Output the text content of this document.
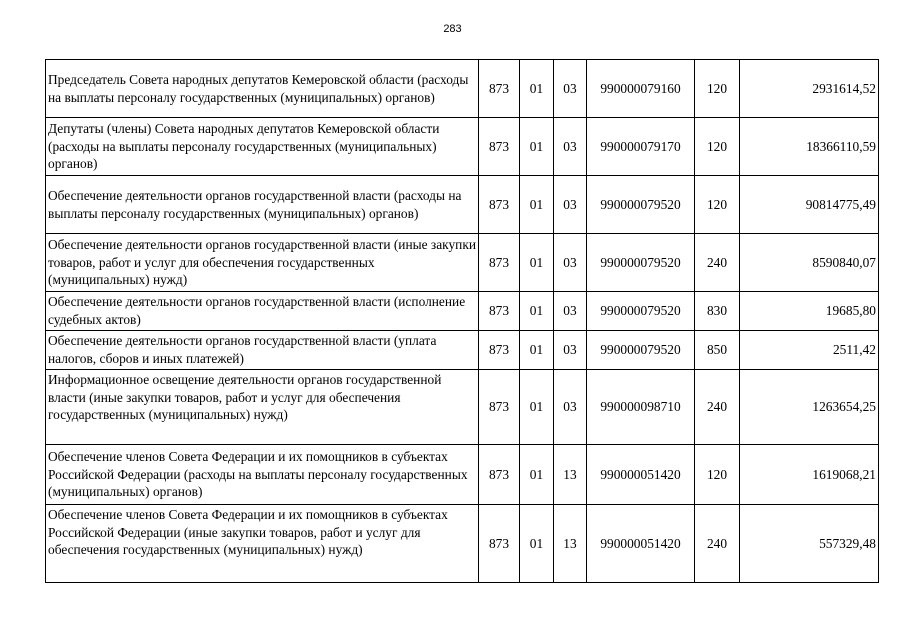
283
Председатель Совета народных депутатов Кемеровской области (расходы на выплаты персоналу государственных (муниципальных) органов)	873	01	03	990000079160	120	2931614,52

Депутаты (члены) Совета народных депутатов Кемеровской области (расходы на выплаты персоналу государственных (муниципальных) органов)	873	01	03	990000079170	120	18366110,59

Обеспечение деятельности органов государственной власти (расходы на выплаты персоналу государственных (муниципальных) органов)	873	01	03	990000079520	120	90814775,49

Обеспечение деятельности органов государственной власти (иные закупки товаров, работ и услуг для обеспечения государственных (муниципальных) нужд)	873	01	03	990000079520	240	8590840,07

Обеспечение деятельности органов государственной власти (исполнение судебных актов)	873	01	03	990000079520	830	19685,80

Обеспечение деятельности органов государственной власти (уплата налогов, сборов и иных платежей)	873	01	03	990000079520	850	2511,42

Информационное освещение деятельности органов государственной власти (иные закупки товаров, работ и услуг для обеспечения государственных (муниципальных) нужд)	873	01	03	990000098710	240	1263654,25

Обеспечение членов Совета Федерации и их помощников в субъектах Российской Федерации (расходы на выплаты персоналу государственных (муниципальных) органов)	873	01	13	990000051420	120	1619068,21

Обеспечение членов Совета Федерации и их помощников в субъектах Российской Федерации (иные закупки товаров, работ и услуг для обеспечения государственных (муниципальных) нужд)	873	01	13	990000051420	240	557329,48
